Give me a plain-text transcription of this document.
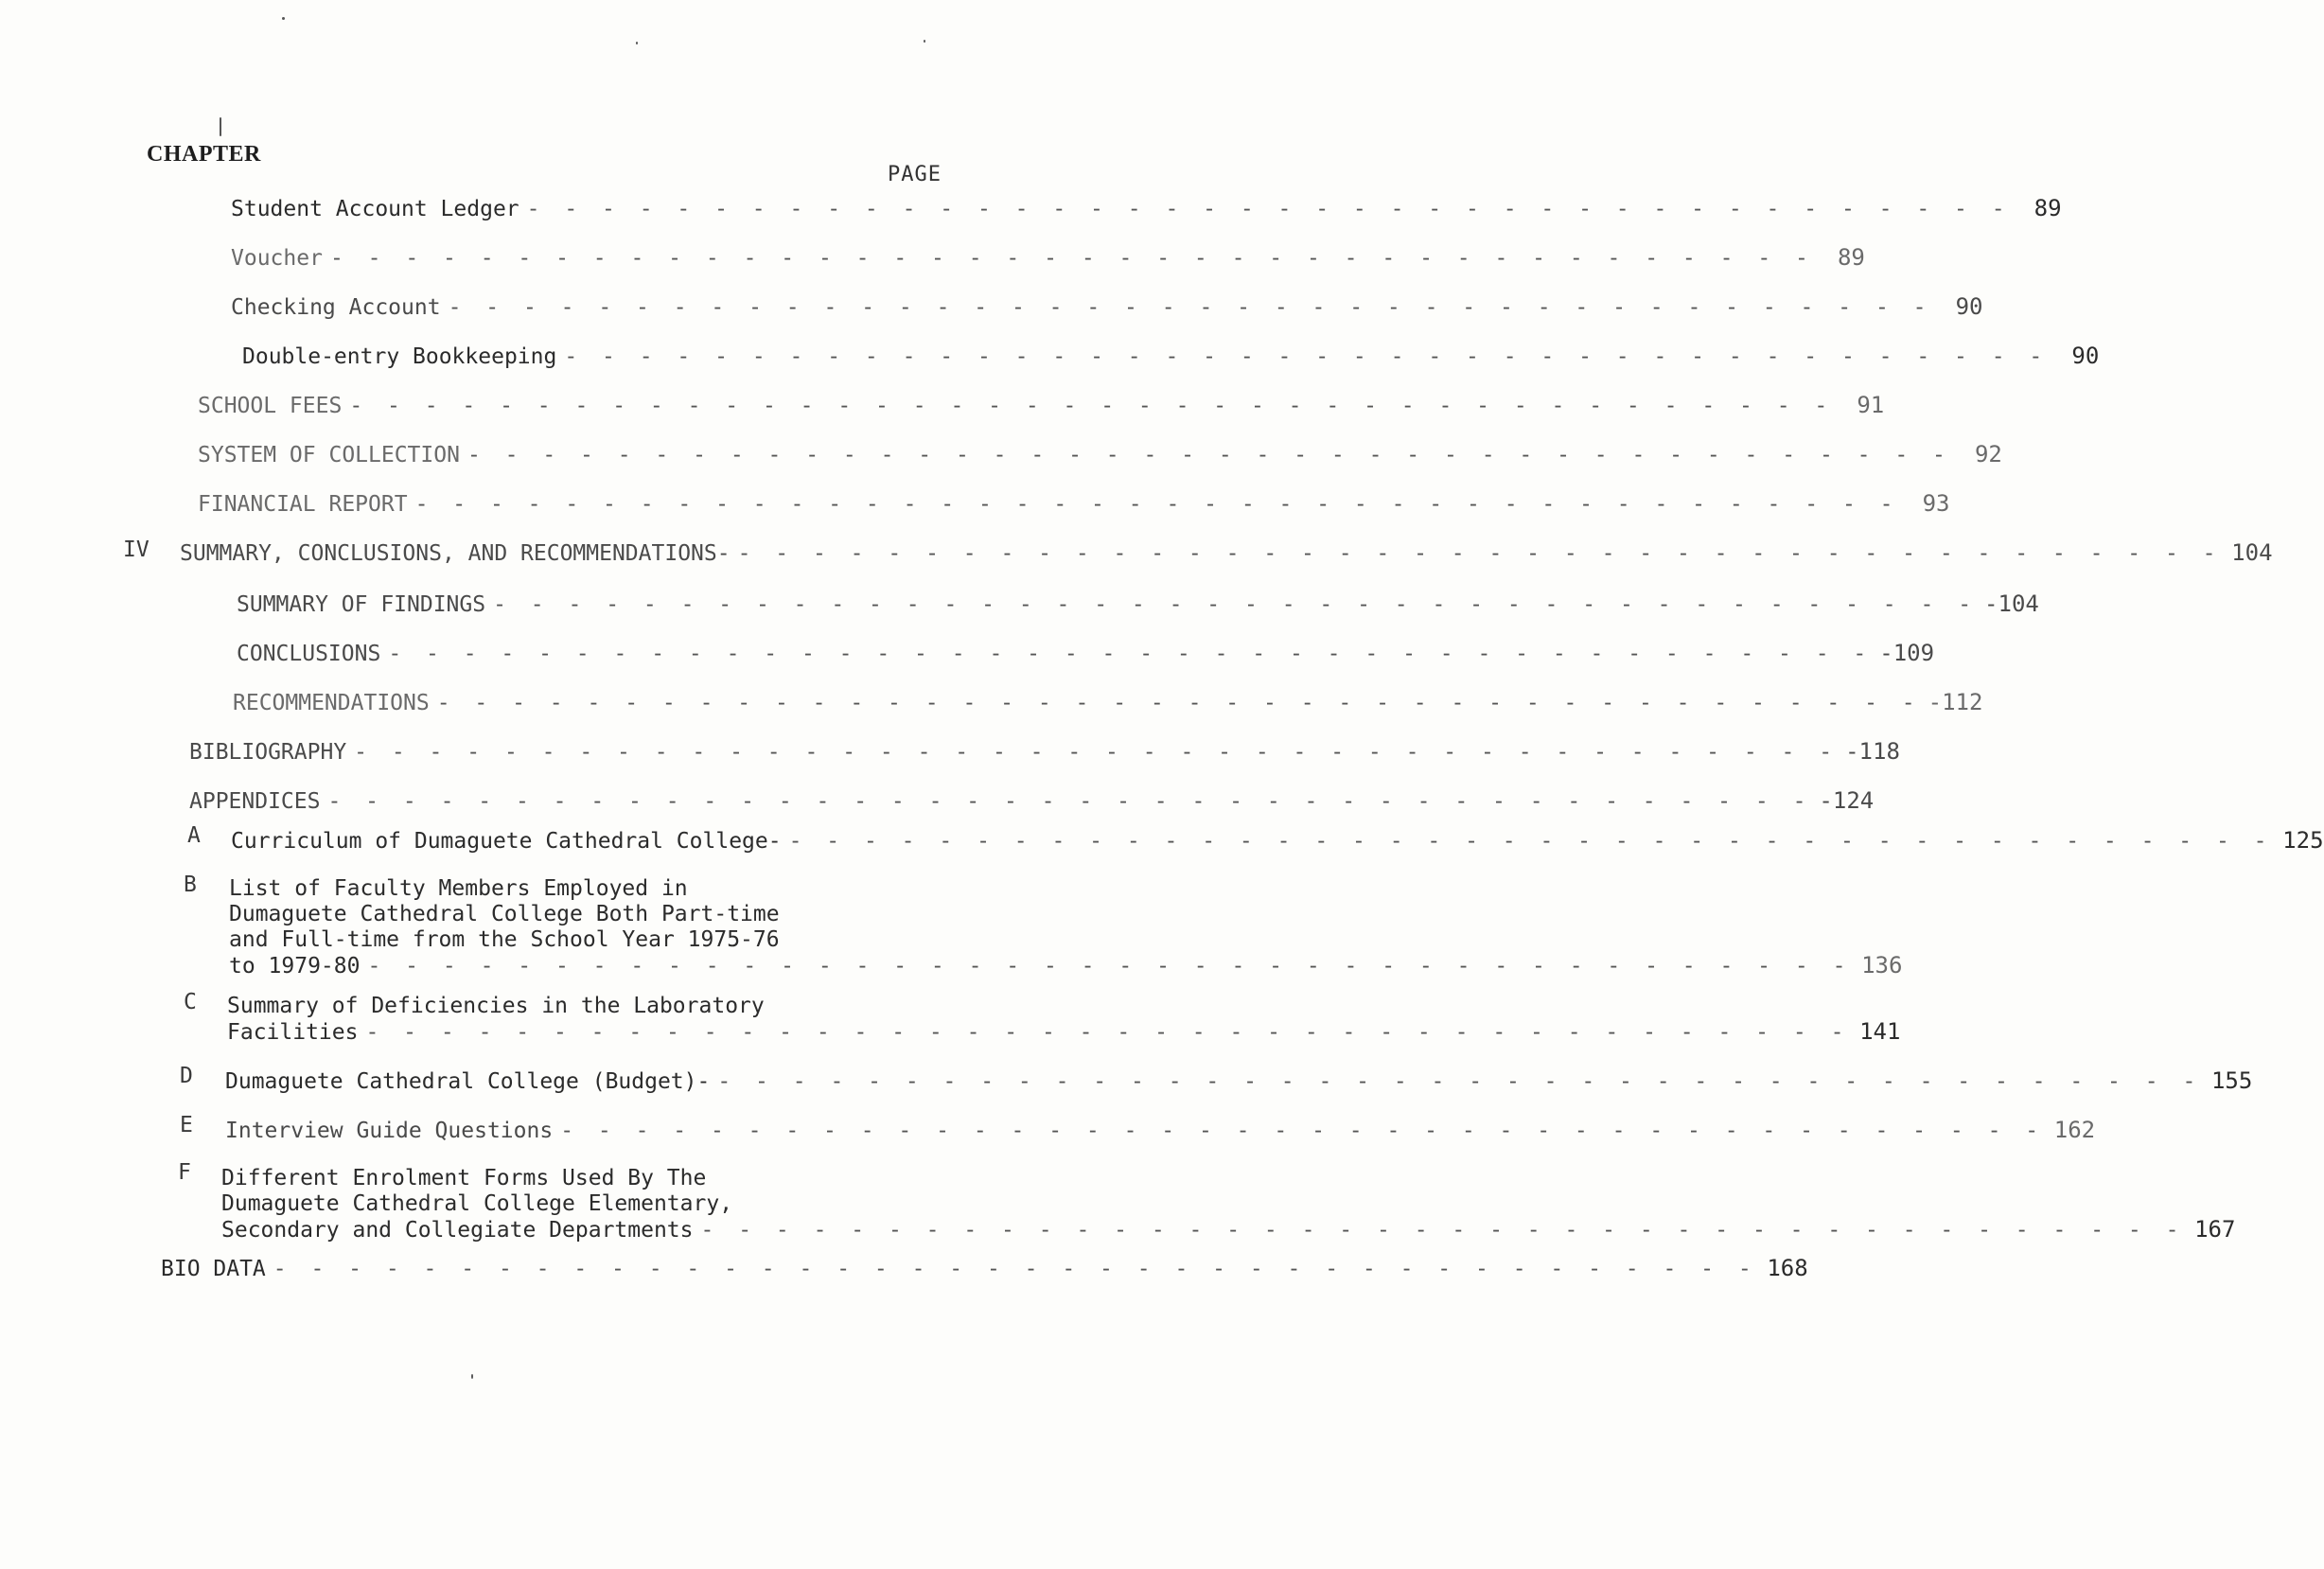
CHAPTER
PAGE
Student Account Ledger - - - - - - - - - - - - - - - - - - - - - - - - - - - - - - - - - - - - - - - -	89
Voucher - - - - - - - - - - - - - - - - - - - - - - - - - - - - - - - - - - - - - - - -	89
Checking Account - - - - - - - - - - - - - - - - - - - - - - - - - - - - - - - - - - - - - - - -	90
Double-entry Bookkeeping - - - - - - - - - - - - - - - - - - - - - - - - - - - - - - - - - - - - - - - -	90
SCHOOL FEES - - - - - - - - - - - - - - - - - - - - - - - - - - - - - - - - - - - - - - - -	91
SYSTEM OF COLLECTION - - - - - - - - - - - - - - - - - - - - - - - - - - - - - - - - - - - - - - - -	92
FINANCIAL REPORT - - - - - - - - - - - - - - - - - - - - - - - - - - - - - - - - - - - - - - - -	93
IV SUMMARY, CONCLUSIONS, AND RECOMMENDATIONS- - - - - - - - - - - - - - - - - - - - - - - - - - - - - - - - - - - - - - - - - 104
SUMMARY OF FINDINGS - - - - - - - - - - - - - - - - - - - - - - - - - - - - - - - - - - - - - - - - -104
CONCLUSIONS - - - - - - - - - - - - - - - - - - - - - - - - - - - - - - - - - - - - - - - - -109
RECOMMENDATIONS - - - - - - - - - - - - - - - - - - - - - - - - - - - - - - - - - - - - - - - - -112
BIBLIOGRAPHY - - - - - - - - - - - - - - - - - - - - - - - - - - - - - - - - - - - - - - - - -118
APPENDICES - - - - - - - - - - - - - - - - - - - - - - - - - - - - - - - - - - - - - - - - -124
A Curriculum of Dumaguete Cathedral College- - - - - - - - - - - - - - - - - - - - - - - - - - - - - - - - - - - - - - - - - 125
B List of Faculty Members Employed in
Dumaguete Cathedral College Both Part-time
and Full-time from the School Year 1975-76
to 1979-80 - - - - - - - - - - - - - - - - - - - - - - - - - - - - - - - - - - - - - - - - 136
C Summary of Deficiencies in the Laboratory
Facilities - - - - - - - - - - - - - - - - - - - - - - - - - - - - - - - - - - - - - - - - 141
D Dumaguete Cathedral College (Budget)- - - - - - - - - - - - - - - - - - - - - - - - - - - - - - - - - - - - - - - - - 155
E Interview Guide Questions - - - - - - - - - - - - - - - - - - - - - - - - - - - - - - - - - - - - - - - - 162
F Different Enrolment Forms Used By The
Dumaguete Cathedral College Elementary,
Secondary and Collegiate Departments - - - - - - - - - - - - - - - - - - - - - - - - - - - - - - - - - - - - - - - - 167
BIO DATA - - - - - - - - - - - - - - - - - - - - - - - - - - - - - - - - - - - - - - - - 168
